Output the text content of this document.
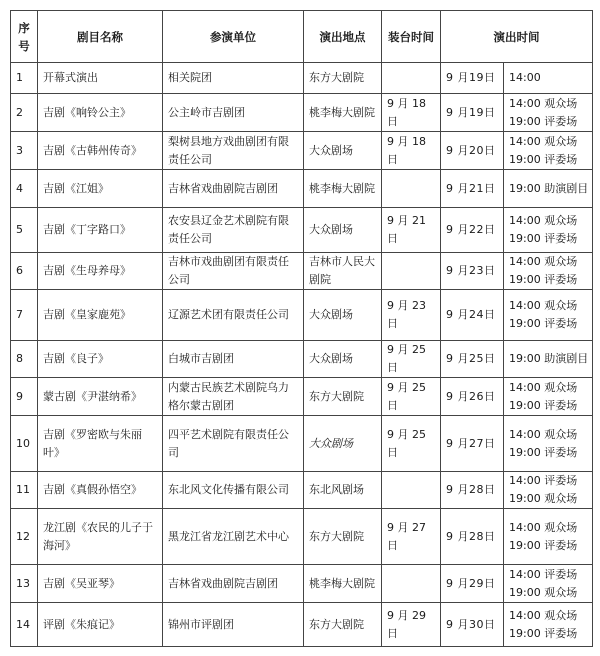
序号	剧目名称	参演单位	演出地点	装台时间	演出时间	
1	开幕式演出	相关院团	东方大剧院		9 月19日	14:00

2	吉剧《响铃公主》	公主岭市吉剧团	桃李梅大剧院	9 月 18 日	9 月19日	14:00 观众场
19:00 评委场

3	吉剧《古韩州传奇》	梨树县地方戏曲剧团有限责任公司	大众剧场	9 月 18 日	9 月20日	14:00 观众场
19:00 评委场

4	吉剧《江姐》	吉林省戏曲剧院吉剧团	桃李梅大剧院		9 月21日	19:00 助演剧目

5	吉剧《丁字路口》	农安县辽金艺术剧院有限责任公司	大众剧场	9 月 21 日	9 月22日	14:00 观众场
19:00 评委场

6	吉剧《生母养母》	吉林市戏曲剧团有限责任公司	吉林市人民大剧院		9 月23日	14:00 观众场
19:00 评委场

7	吉剧《皇家鹿苑》	辽源艺术团有限责任公司	大众剧场	9 月 23 日	9 月24日	14:00 观众场
19:00 评委场

8	吉剧《良子》	白城市吉剧团	大众剧场	9 月 25 日	9 月25日	19:00 助演剧目

9	蒙古剧《尹湛纳希》	内蒙古民族艺术剧院乌力格尔蒙古剧团	东方大剧院	9 月 25 日	9 月26日	14:00 观众场
19:00 评委场

10	吉剧《罗密欧与朱丽叶》	四平艺术剧院有限责任公司	大众剧场	9 月 25 日	9 月27日	14:00 观众场
19:00 评委场

11	吉剧《真假孙悟空》	东北风文化传播有限公司	东北风剧场		9 月28日	14:00 评委场
19:00 观众场

12	龙江剧《农民的儿子于海河》	黑龙江省龙江剧艺术中心	东方大剧院	9 月 27 日	9 月28日	14:00 观众场
19:00 评委场

13	吉剧《吴亚琴》	吉林省戏曲剧院吉剧团	桃李梅大剧院		9 月29日	14:00 评委场
19:00 观众场

14	评剧《朱痕记》	锦州市评剧团	东方大剧院	9 月 29 日	9 月30日	14:00 观众场
19:00 评委场
